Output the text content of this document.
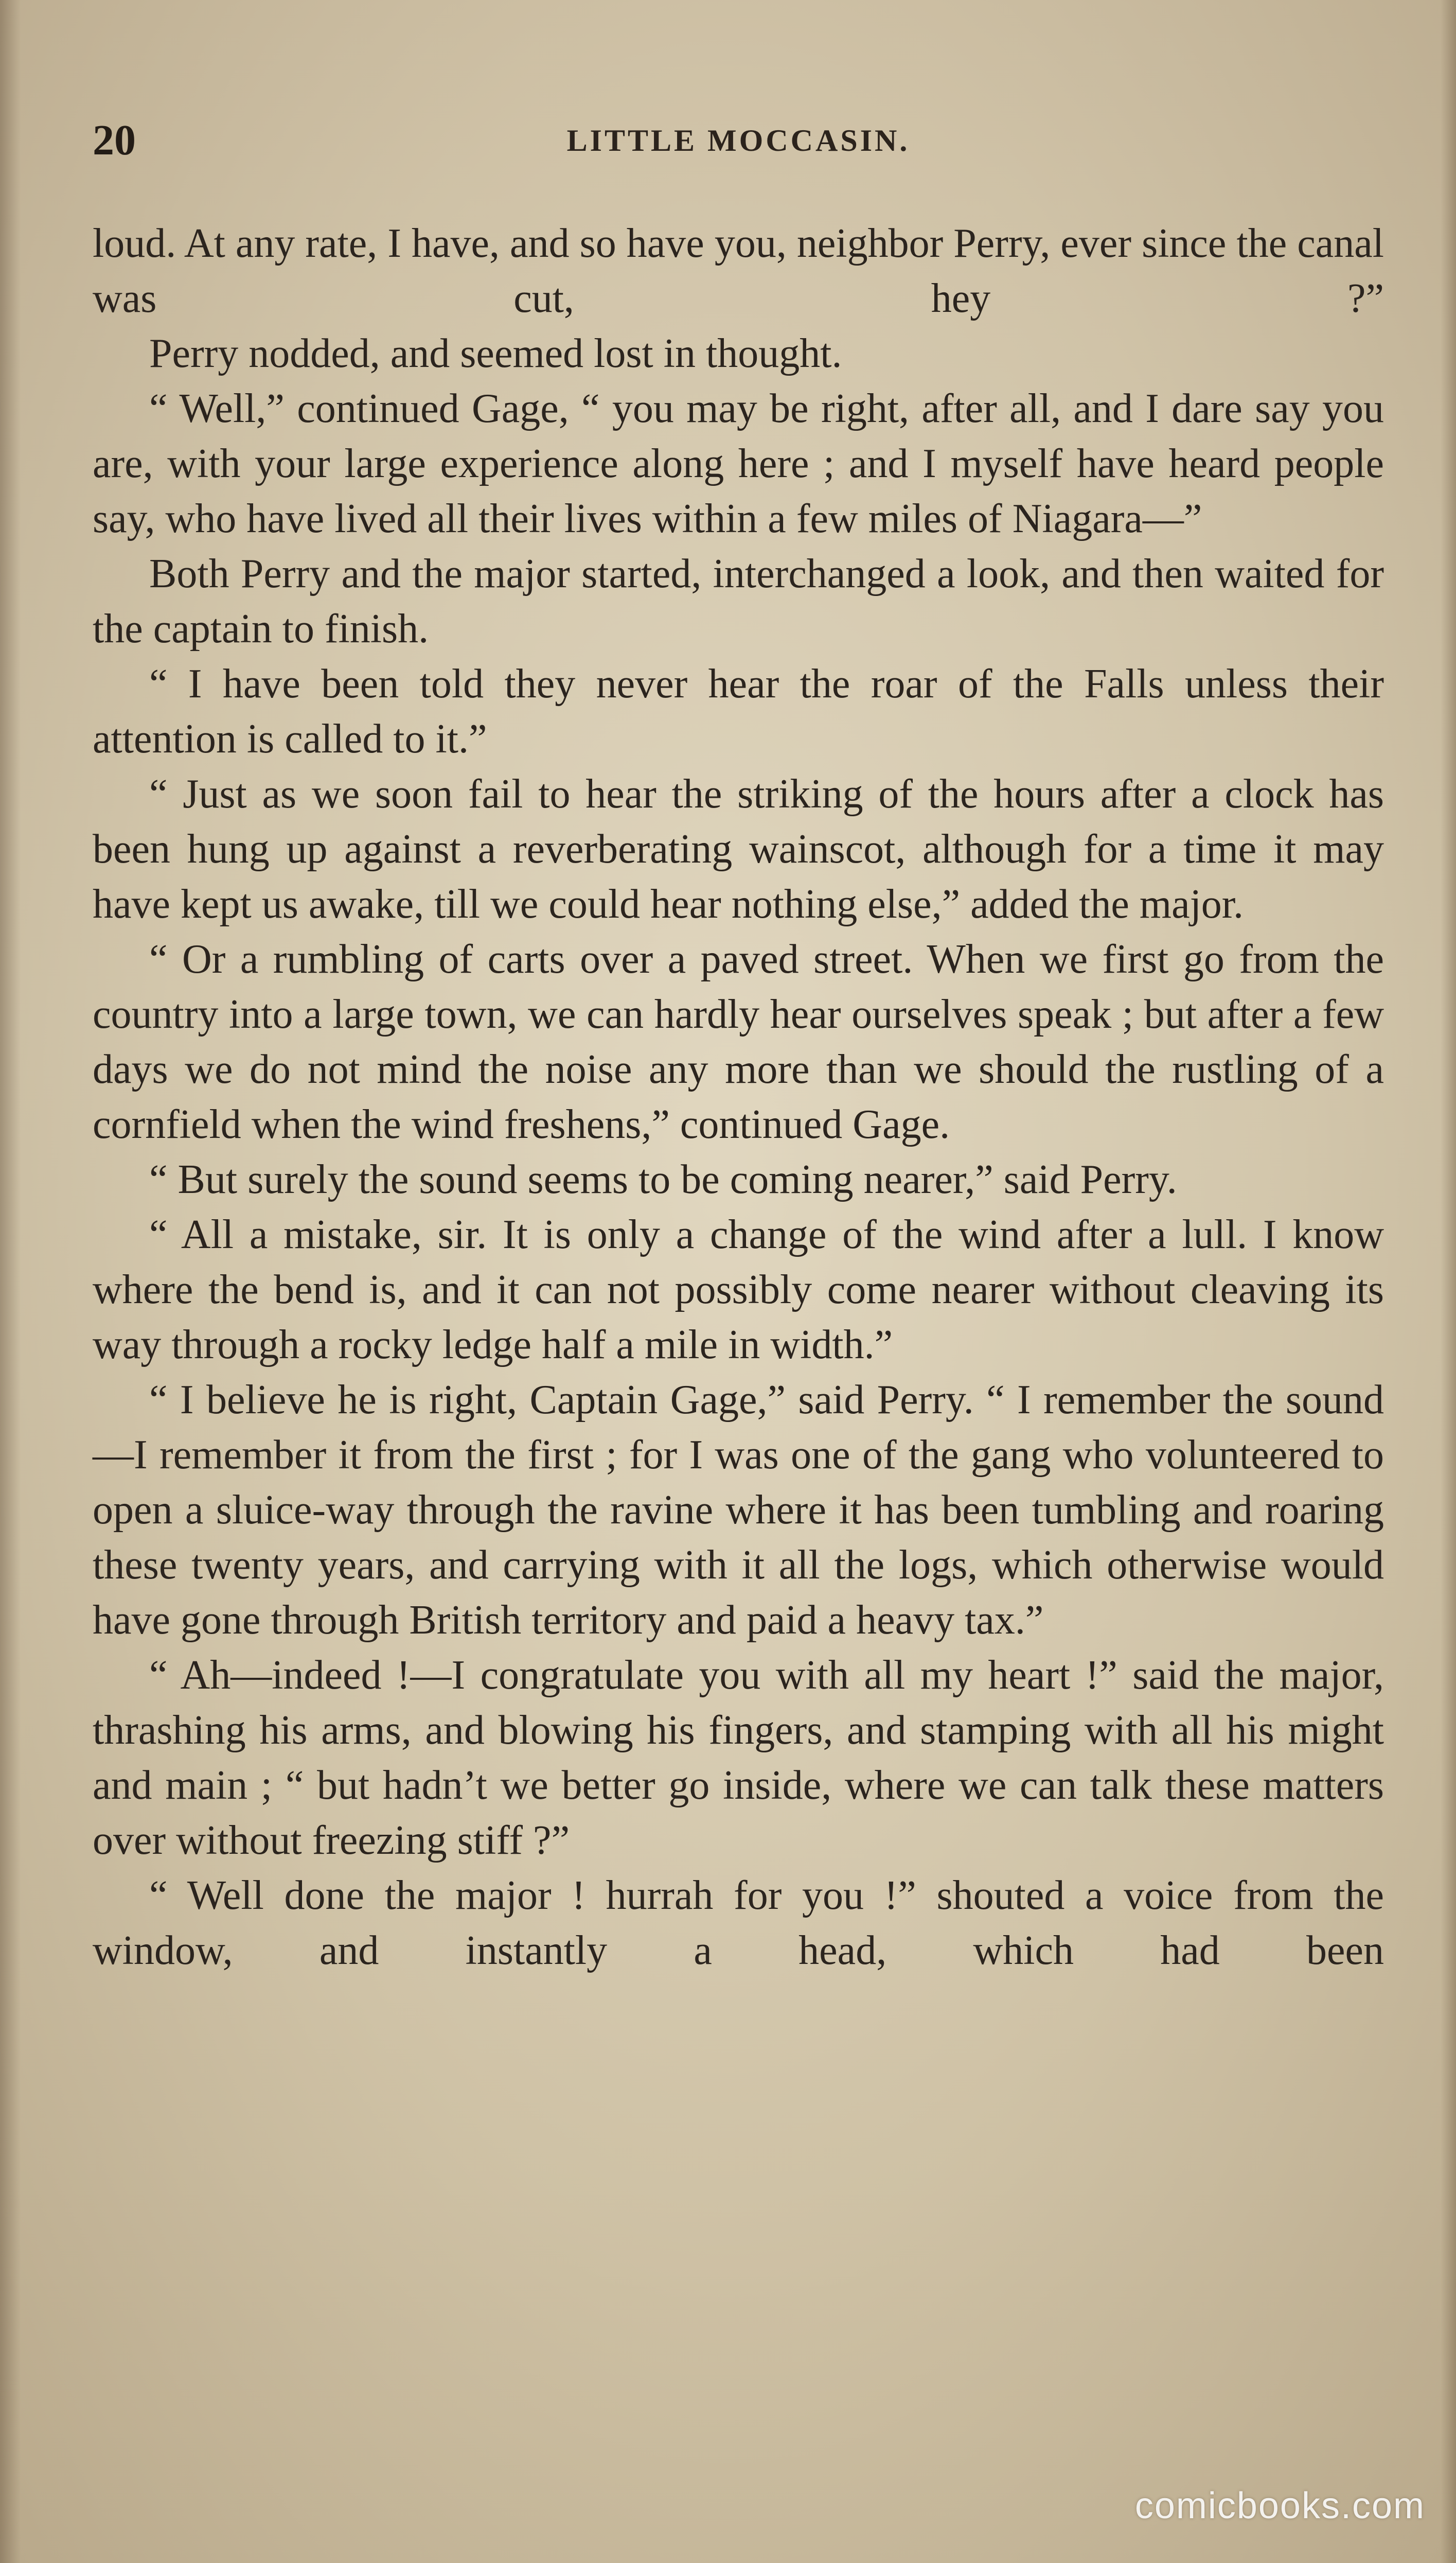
20	LITTLE MOCCASIN.

loud. At any rate, I have, and so have you, neighbor Perry, ever since the canal was cut, hey ?”

Perry nodded, and seemed lost in thought.

“ Well,” continued Gage, “ you may be right, after all, and I dare say you are, with your large experience along here ; and I myself have heard people say, who have lived all their lives within a few miles of Niagara—”

Both Perry and the major started, interchanged a look, and then waited for the captain to finish.

“ I have been told they never hear the roar of the Falls unless their attention is called to it.”

“ Just as we soon fail to hear the striking of the hours after a clock has been hung up against a reverberating wainscot, although for a time it may have kept us awake, till we could hear nothing else,” added the major.

“ Or a rumbling of carts over a paved street. When we first go from the country into a large town, we can hardly hear ourselves speak ; but after a few days we do not mind the noise any more than we should the rustling of a cornfield when the wind freshens,” continued Gage.

“ But surely the sound seems to be coming nearer,” said Perry.

“ All a mistake, sir. It is only a change of the wind after a lull. I know where the bend is, and it can not possibly come nearer without cleaving its way through a rocky ledge half a mile in width.”

“ I believe he is right, Captain Gage,” said Perry. “ I remember the sound—I remember it from the first ; for I was one of the gang who volunteered to open a sluice-way through the ravine where it has been tumbling and roaring these twenty years, and carrying with it all the logs, which otherwise would have gone through British territory and paid a heavy tax.”

“ Ah—indeed !—I congratulate you with all my heart !” said the major, thrashing his arms, and blowing his fingers, and stamping with all his might and main ; “ but hadn’t we better go inside, where we can talk these matters over without freezing stiff ?”

“ Well done the major ! hurrah for you !” shouted a voice from the window, and instantly a head, which had been

comicbooks.com
